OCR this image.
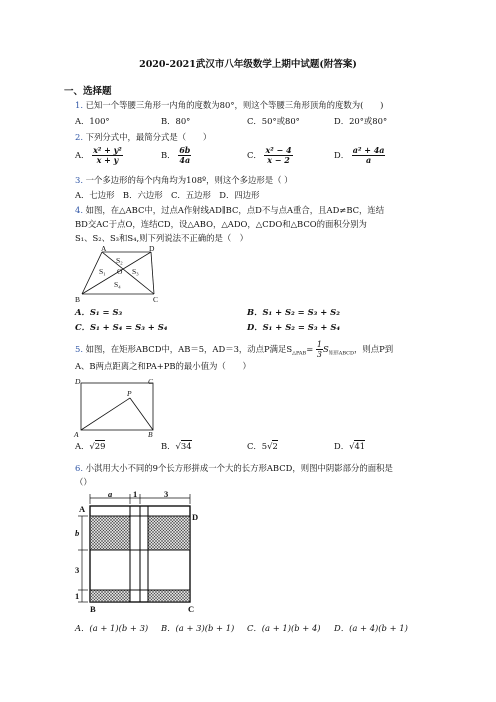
2020-2021武汉市八年级数学上期中试题(附答案)
一、选择题
1. 已知一个等腰三角形一内角的度数为80°，则这个等腰三角形顶角的度数为(　　)
A．100°	B．80°	C．50°或80°	D．20°或80°
2. 下列分式中，最简分式是（　　）
A． $\frac{\text{x² + y²}}{x + y}$	B． $\frac{6b}{4a}$	C． $\frac{\text{x² − 4}}{x - 2}$	D． $\frac{\text{a² + 4a}}{a}$
3. 一个多边形的每个内角均为108º，则这个多边形是（ ）
A．七边形　B．六边形　C．五边形　D．四边形
4. 如图，在△ABC中，过点A作射线AD∥BC，点D不与点A重合，且AD≠BC，连结
BD交AC于点O，连结CD，设△ABO，△ADO，△CDO和△BCO的面积分别为
S₁、S₂、S₃和S₄,则下列说法不正确的是（　）
A	D
B	C
O
S₁
S₂
S₃
S₄
A．S₁ = S₃	B．S₁ + S₂ = S₃ + S₂
C．S₁ + S₄ = S₃ + S₄	D．S₁ + S₂ = S₃ + S₄
5. 如图，在矩形ABCD中，AB＝5，AD＝3，动点P满足$S_{\triangle PAB}= \frac{1}{3} S_{矩形ABCD}$，则点P到
A、B两点距离之和PA+PB的最小值为（　　）
D	C
A	B
P
A．√29	B．√34	C．5√2	D．√41
6. 小淇用大小不同的9个长方形拼成一个大的长方形ABCD，则图中阴影部分的面积是
（）
A
D
B	C
a 1	3
b
3
1
A．(a + 1)(b + 3) B．(a + 3)(b + 1) C．(a + 1)(b + 4) D．(a + 4)(b + 1)
